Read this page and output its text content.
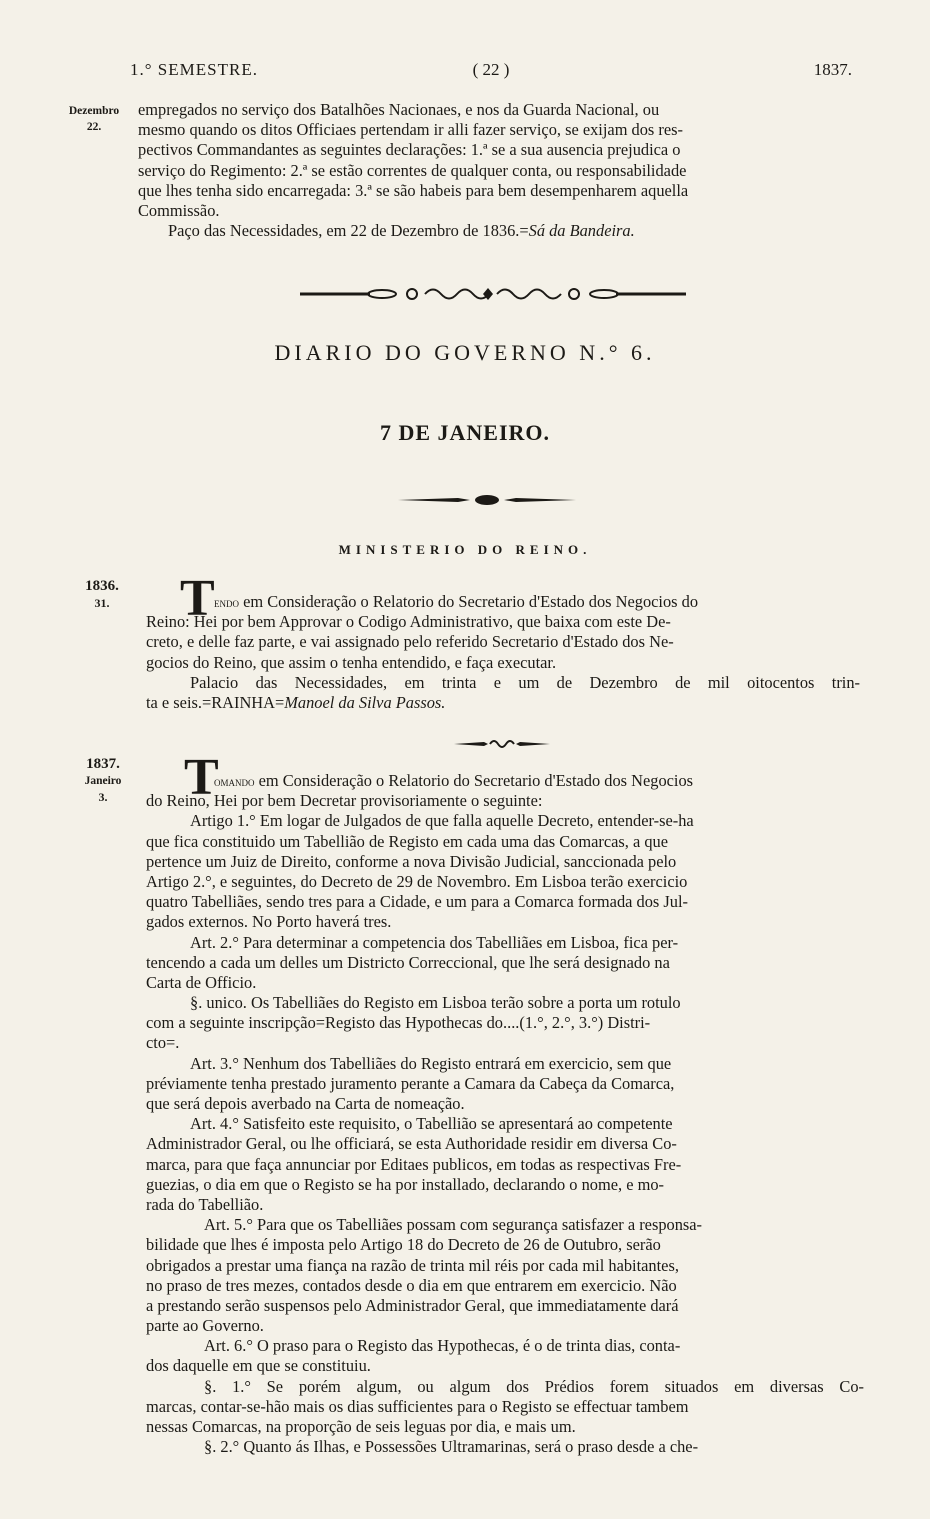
1.° SEMESTRE.	( 22 )	1837.
Dezembro
22.
empregados no serviço dos Batalhões Nacionaes, e nos da Guarda Nacional, ou
mesmo quando os ditos Officiaes pertendam ir alli fazer serviço, se exijam dos res-
pectivos Commandantes as seguintes declarações: 1.ª se a sua ausencia prejudica o
serviço do Regimento: 2.ª se estão correntes de qualquer conta, ou responsabilidade
que lhes tenha sido encarregada: 3.ª se são habeis para bem desempenharem aquella
Commissão.
Paço das Necessidades, em 22 de Dezembro de 1836.=Sá da Bandeira.
DIARIO DO GOVERNO N.° 6.
7 DE JANEIRO.
MINISTERIO DO REINO.
1836.
31.	T endo em Consideração o Relatorio do Secretario d'Estado dos Negocios do
Reino: Hei por bem Approvar o Codigo Administrativo, que baixa com este De-
creto, e delle faz parte, e vai assignado pelo referido Secretario d'Estado dos Ne-
gocios do Reino, que assim o tenha entendido, e faça executar.
Palacio das Necessidades, em trinta e um de Dezembro de mil oitocentos trin-
ta e seis.=RAINHA=Manoel da Silva Passos.
1837.
Janeiro
3.	T
omando em Consideração o Relatorio do Secretario d'Estado dos Negocios
do Reino, Hei por bem Decretar provisoriamente o seguinte:
Artigo 1.° Em logar de Julgados de que falla aquelle Decreto, entender-se-ha
que fica constituido um Tabellião de Registo em cada uma das Comarcas, a que
pertence um Juiz de Direito, conforme a nova Divisão Judicial, sanccionada pelo
Artigo 2.°, e seguintes, do Decreto de 29 de Novembro. Em Lisboa terão exercicio
quatro Tabelliães, sendo tres para a Cidade, e um para a Comarca formada dos Jul-
gados externos. No Porto haverá tres.
Art. 2.° Para determinar a competencia dos Tabelliães em Lisboa, fica per-
tencendo a cada um delles um Districto Correccional, que lhe será designado na
Carta de Officio.
§. unico. Os Tabelliães do Registo em Lisboa terão sobre a porta um rotulo
com a seguinte inscripção=Registo das Hypothecas do....(1.°, 2.°, 3.°) Distri-
cto=.
Art. 3.° Nenhum dos Tabelliães do Registo entrará em exercicio, sem que
préviamente tenha prestado juramento perante a Camara da Cabeça da Comarca,
que será depois averbado na Carta de nomeação.
Art. 4.° Satisfeito este requisito, o Tabellião se apresentará ao competente
Administrador Geral, ou lhe officiará, se esta Authoridade residir em diversa Co-
marca, para que faça annunciar por Editaes publicos, em todas as respectivas Fre-
guezias, o dia em que o Registo se ha por installado, declarando o nome, e mo-
rada do Tabellião.
Art. 5.° Para que os Tabelliães possam com segurança satisfazer a responsa-
bilidade que lhes é imposta pelo Artigo 18 do Decreto de 26 de Outubro, serão
obrigados a prestar uma fiança na razão de trinta mil réis por cada mil habitantes,
no praso de tres mezes, contados desde o dia em que entrarem em exercicio. Não
a prestando serão suspensos pelo Administrador Geral, que immediatamente dará
parte ao Governo.
Art. 6.° O praso para o Registo das Hypothecas, é o de trinta dias, conta-
dos daquelle em que se constituiu.
§. 1.° Se porém algum, ou algum dos Prédios forem situados em diversas Co-
marcas, contar-se-hão mais os dias sufficientes para o Registo se effectuar tambem
nessas Comarcas, na proporção de seis leguas por dia, e mais um.
§. 2.° Quanto ás Ilhas, e Possessões Ultramarinas, será o praso desde a che-
